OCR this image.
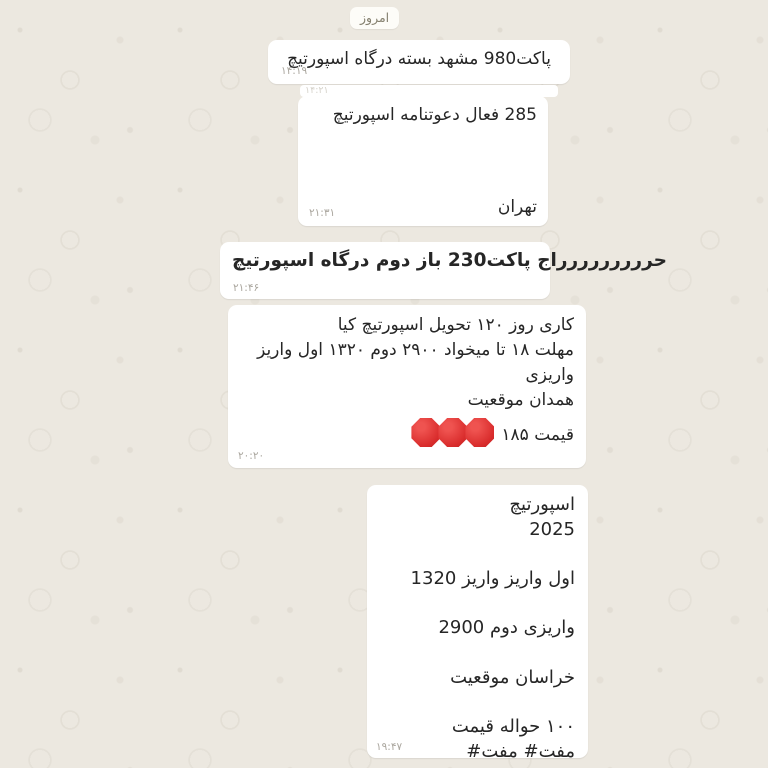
امروز
اسپورتیچ درگاه بسته مشهد 980پاکت
۱۴:۱۹
۱۴:۲۱
اسپورتیچ دعوتنامه فعال 285
تهران
۲۱:۳۱
اسپورتیچ درگاه دوم باز 230پاکت حررررررررراج
۲۱:۴۶
کیا اسپورتیچ تحویل ۱۲۰ روز کاری
واریز اول ۱۳۲۰ دوم ۲۹۰۰ میخواد تا ۱۸ مهلت
واریزی
موقعیت همدان
قیمت ۱۸۵
۲۰:۲۰
اسپورتیچ
2025
1320 واریز واریز اول
2900 دوم واریزی
موقعیت خراسان
قیمت حواله ۱۰۰
#مفت #مفت
۱۹:۴۷
